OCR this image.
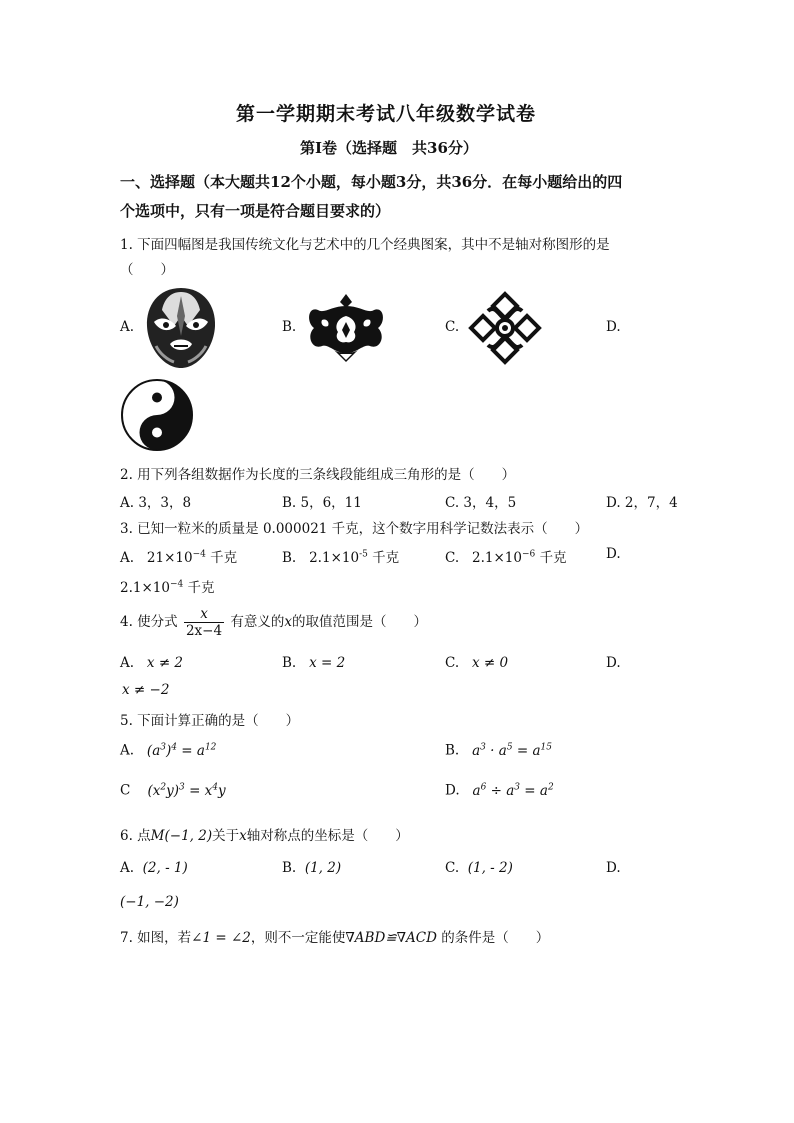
第一学期期末考试八年级数学试卷
第Ⅰ卷（选择题　共36分）
一、选择题（本大题共12个小题，每小题3分，共36分．在每小题给出的四
个选项中，只有一项是符合题目要求的）
1. 下面四幅图是我国传统文化与艺术中的几个经典图案，其中不是轴对称图形的是
（　　）
A.	B.	C.	D.
2. 用下列各组数据作为长度的三条线段能组成三角形的是（　　）
A. 3，3，8	B. 5，6，11	C. 3，4，5	D. 2，7，4
3. 已知一粒米的质量是 0.000021 千克，这个数字用科学记数法表示（　　）
A. $21\times 10^{-4}$ 千克	B. $2.1\times 10^{-5}$ 千克	C. $2.1\times 10^{-6}$ 千克	D.
$2.1\times 10^{-4}$ 千克
4. 使分式 $\frac{x}{2x-4}$ 有意义的x的取值范围是（　　）
A. x ≠ 2	B. x = 2	C. x ≠ 0	D.
x ≠ −2
5. 下面计算正确的是（　　）
A. $(a^3)^4 = a^{12}$	B. $a^3 \cdot a^5 = a^{15}$
C $(x^2y)^3 = x^4y$	D. $a^6 \div a^3 = a^2$
6. 点M(−1, 2)关于x轴对称点的坐标是（　　）
A. (2, - 1)	B. (1, 2)	C. (1, - 2)	D.
(−1, −2)
7. 如图，若∠1 = ∠2，则不一定能使∇ABD≌∇ACD 的条件是（　　）
